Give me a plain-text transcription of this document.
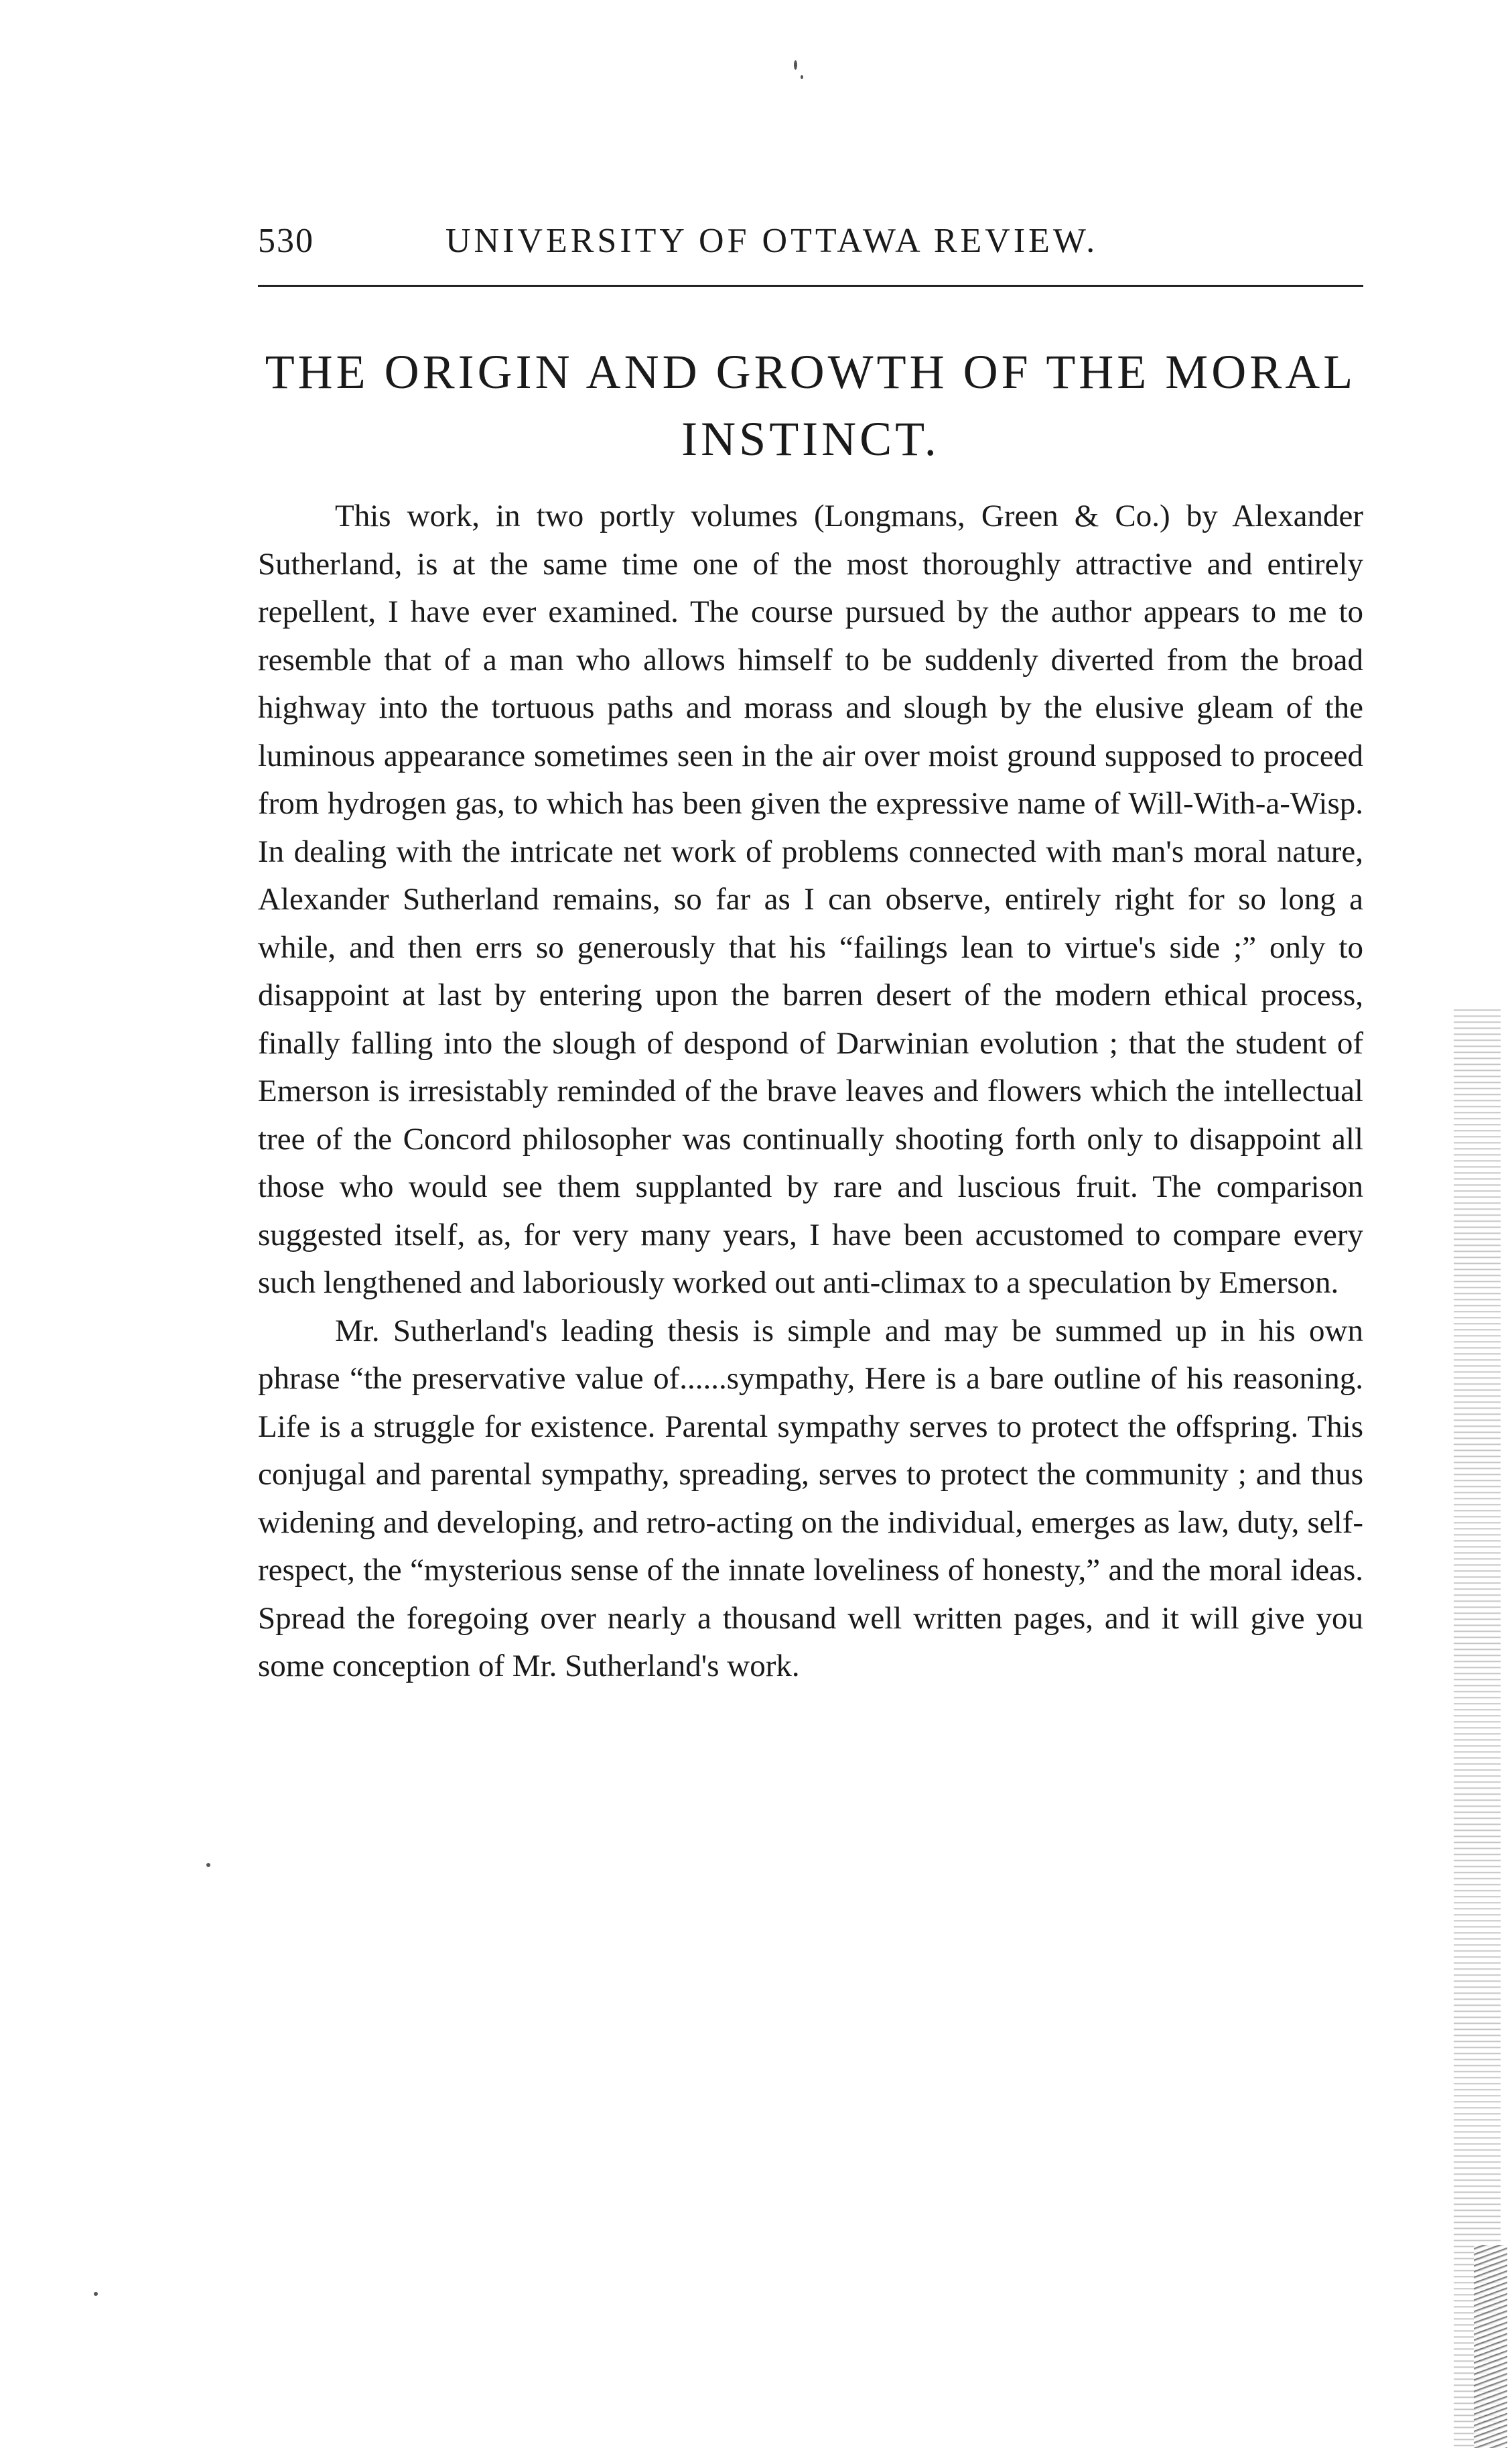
530	UNIVERSITY OF OTTAWA REVIEW.
THE ORIGIN AND GROWTH OF THE MORAL INSTINCT.

This work, in two portly volumes (Longmans, Green & Co.) by Alexander Sutherland, is at the same time one of the most thoroughly attractive and entirely repellent, I have ever examined. The course pursued by the author appears to me to resemble that of a man who allows himself to be suddenly diverted from the broad highway into the tortuous paths and morass and slough by the elusive gleam of the luminous appearance sometimes seen in the air over moist ground supposed to proceed from hydrogen gas, to which has been given the expressive name of Will-With-a-Wisp. In dealing with the intricate net work of problems connected with man's moral nature, Alexander Sutherland remains, so far as I can observe, entirely right for so long a while, and then errs so generously that his “failings lean to virtue's side ;” only to disappoint at last by entering upon the barren desert of the modern ethical process, finally falling into the slough of despond of Darwinian evolution ; that the student of Emerson is irresistably reminded of the brave leaves and flowers which the intellectual tree of the Concord philosopher was continually shooting forth only to disappoint all those who would see them supplanted by rare and luscious fruit. The comparison suggested itself, as, for very many years, I have been accustomed to compare every such lengthened and laboriously worked out anti-climax to a speculation by Emerson.

Mr. Sutherland's leading thesis is simple and may be summed up in his own phrase “the preservative value of......sympathy, Here is a bare outline of his reasoning. Life is a struggle for existence. Parental sympathy serves to protect the offspring. This conjugal and parental sympathy, spreading, serves to protect the community ; and thus widening and developing, and retro-acting on the individual, emerges as law, duty, self-respect, the “mysterious sense of the innate loveliness of honesty,” and the moral ideas. Spread the foregoing over nearly a thousand well written pages, and it will give you some conception of Mr. Sutherland's work.
